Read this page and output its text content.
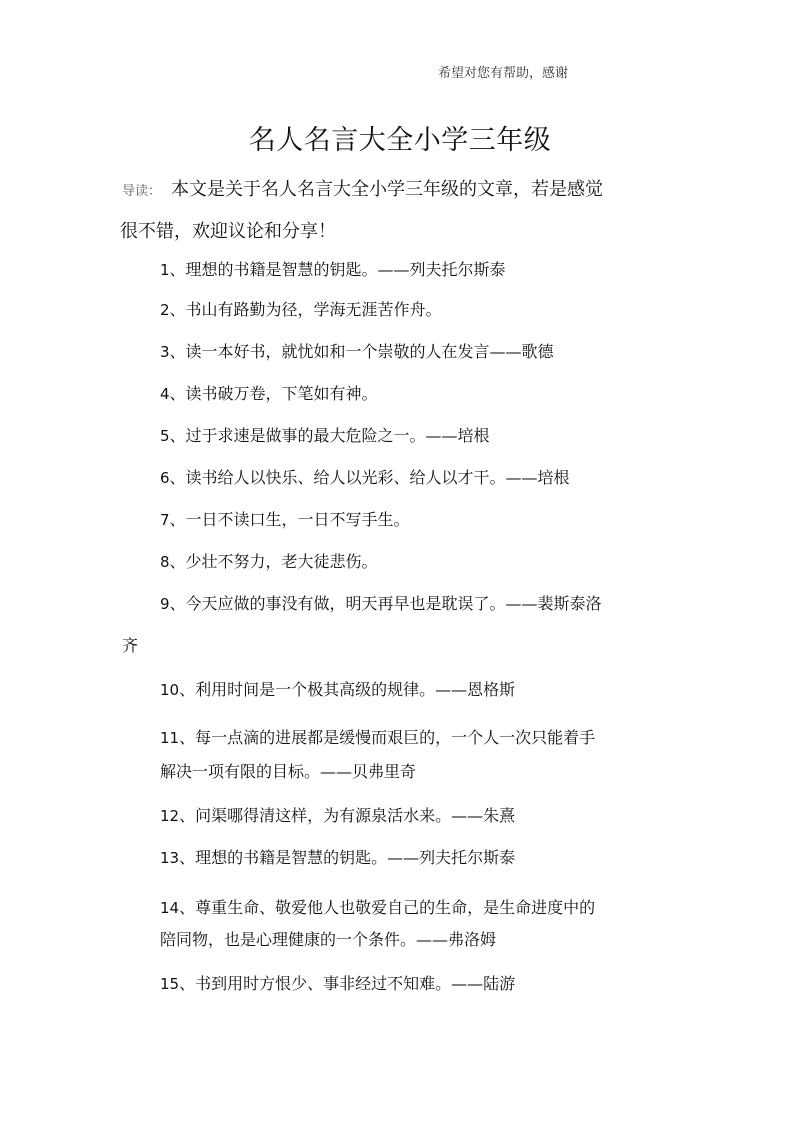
希望对您有帮助，感谢
名人名言大全小学三年级
导读： 本文是关于名人名言大全小学三年级的文章，若是感觉
很不错，欢迎议论和分享！
1、理想的书籍是智慧的钥匙。——列夫托尔斯泰
2、书山有路勤为径，学海无涯苦作舟。
3、读一本好书，就忧如和一个崇敬的人在发言——歌德
4、读书破万卷，下笔如有神。
5、过于求速是做事的最大危险之一。——培根
6、读书给人以快乐、给人以光彩、给人以才干。——培根
7、一日不读口生，一日不写手生。
8、少壮不努力，老大徒悲伤。
9、今天应做的事没有做，明天再早也是耽误了。——裴斯泰洛
齐
10、利用时间是一个极其高级的规律。——恩格斯
11、每一点滴的进展都是缓慢而艰巨的，一个人一次只能着手
解决一项有限的目标。——贝弗里奇
12、问渠哪得清这样，为有源泉活水来。——朱熹
13、理想的书籍是智慧的钥匙。——列夫托尔斯泰
14、尊重生命、敬爱他人也敬爱自己的生命，是生命进度中的
陪同物，也是心理健康的一个条件。——弗洛姆
15、书到用时方恨少、事非经过不知难。——陆游
